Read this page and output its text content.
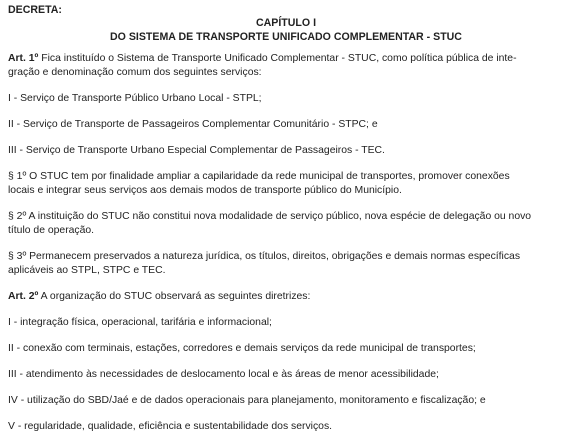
DECRETA:
CAPÍTULO I
DO SISTEMA DE TRANSPORTE UNIFICADO COMPLEMENTAR - STUC

Art. 1º Fica instituído o Sistema de Transporte Unificado Complementar - STUC, como política pública de inte-
gração e denominação comum dos seguintes serviços:

I - Serviço de Transporte Público Urbano Local - STPL;

II - Serviço de Transporte de Passageiros Complementar Comunitário - STPC; e

III - Serviço de Transporte Urbano Especial Complementar de Passageiros - TEC.

§ 1º O STUC tem por finalidade ampliar a capilaridade da rede municipal de transportes, promover conexões
locais e integrar seus serviços aos demais modos de transporte público do Município.

§ 2º A instituição do STUC não constitui nova modalidade de serviço público, nova espécie de delegação ou novo
título de operação.

§ 3º Permanecem preservados a natureza jurídica, os títulos, direitos, obrigações e demais normas específicas
aplicáveis ao STPL, STPC e TEC.

Art. 2º A organização do STUC observará as seguintes diretrizes:

I - integração física, operacional, tarifária e informacional;

II - conexão com terminais, estações, corredores e demais serviços da rede municipal de transportes;

III - atendimento às necessidades de deslocamento local e às áreas de menor acessibilidade;

IV - utilização do SBD/Jaé e de dados operacionais para planejamento, monitoramento e fiscalização; e

V - regularidade, qualidade, eficiência e sustentabilidade dos serviços.
